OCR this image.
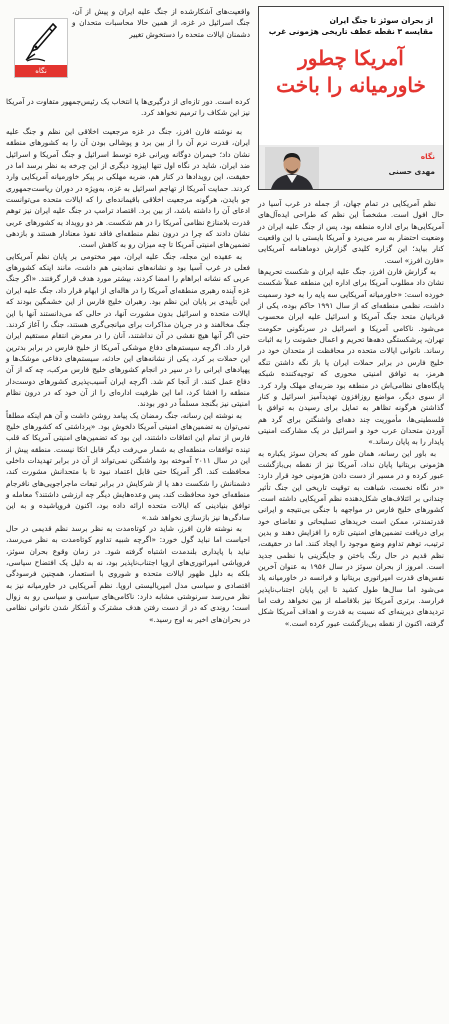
نگاه
واقعیت‌های آشکارشده از جنگ علیه ایران و پیش از آن، جنگ اسرائیل در غزه، از همین حالا محاسبات متحدان و دشمنان ایالات متحده را دستخوش تغییر
کرده است. دور تازه‌ای از درگیری‌ها یا انتخاب یک رئیس‌جمهور متفاوت در آمریکا نیز این شکاف را ترمیم نخواهد کرد.

به نوشته فارن افرز، جنگ در غزه مرجعیت اخلاقی این نظم و جنگ علیه ایران، قدرت نرم آن را از بین برد و پوشالی بودن آن را به کشورهای منطقه نشان داد؛ خیمران دوگانه ویرانی غزه توسط اسرائیل و جنگ آمریکا و اسرائیل ضد ایران، شاید در نگاه اول تنها اپیزود دیگری از این چرخه به نظر برسد اما در حقیقت، این رویدادها در کنار هم، ضربه مهلکی بر پیکر خاورمیانه آمریکایی وارد کردند. حمایت آمریکا از تهاجم اسرائیل به غزه، به‌ویژه در دوران ریاست‌جمهوری جو بایدن، هرگونه مرجعیت اخلاقی باقیمانده‌ای را که ایالات متحده می‌توانست ادعای آن را داشته باشد، از بین برد. اقتصاد ترامپ در جنگ علیه ایران نیز توهم قدرت بلامنازع نظامی آمریکا را در هم شکست. هر دو رویداد به کشورهای عربی نشان دادند که چرا در درون نظم منطقه‌ای فاقد نفوذ معنادار هستند و بازدهی تضمین‌های امنیتی آمریکا تا چه میزان رو به کاهش است.

به عقیده این مجله، جنگ علیه ایران، مهر مختومی بر پایان نظم آمریکایی فعلی در غرب آسیا بود و نشانه‌های نمادینی هم داشت، مانند اینکه کشورهای عربی که نشانه ابراهام را امضا کردند، بیشتر مورد هدف قرار گرفتند. «اگر جنگ غزه آینده رهبری منطقه‌ای آمریکا را در هاله‌ای از ابهام قرار داد، جنگ علیه ایران این تأییدی بر پایان این نظم بود. رهبران خلیج فارس از این خشمگین بودند که ایالات متحده و اسرائیل بدون مشورت آنها، در حالی که می‌دانستند آنها با این جنگ مخالفند و در جریان مذاکرات برای میانجی‌گری هستند، جنگ را آغاز کردند. حتی اگر آنها هیچ نقشی در آن نداشتند، آنان را در معرض انتقام مستقیم ایران قرار داد. اگرچه سیستم‌های دفاع موشکی آمریکا از خلیج فارس در برابر بدترین این حملات بر کرد، یکی از نشانه‌های این حادثه، سیستم‌های دفاعی موشک‌ها و پهپادهای ایرانی را در سپر در انجام کشورهای خلیج فارس مرکب، چه که از آن دفاع عمل کنند. از آنجا کم شد. اگرچه ایران آسیب‌پذیری کشورهای دوست‌دار منطقه را افشا کرد، اما این ظرفیت اداره‌ای را از آن خود که در درون نظام امنیتی نیز بگنجد مسلماً در دور بودند.

به نوشته این رسانه، جنگ رمضان یک پیامد روشن داشت و آن هم اینکه مطلقاً نمی‌توان به تضمین‌های امنیتی آمریکا دلخوش بود. «پرداشتی که کشورهای خلیج فارس از تمام این اتفاقات داشتند، این بود که تضمین‌های امنیتی آمریکا که قلب تپنده توافقات منطقه‌ای به شمار می‌رفت دیگر قابل اتکا نیست. منطقه پیش از این در سال ۲۰۱۱ آموخته بود واشنگتن نمی‌تواند از آن در برابر تهدیدات داخلی محافظت کند. اگر آمریکا حتی قابل اعتماد نبود تا با متحدانش مشورت کند، دشمنانش را شکست دهد یا از شرکایش در برابر تبعات ماجراجویی‌های نافرجام منطقه‌ای خود محافظت کند، پس وعده‌هایش دیگر چه ارزشی داشتند؟ معامله و توافق بنیادینی که ایالات متحده ارائه داده بود، اکنون فروپاشیده و به این سادگی‌ها نیز بازسازی نخواهد شد.»

به نوشته فارن افرز، شاید در کوتاه‌مدت به نظر برسد نظم قدیمی در حال احیاست اما نباید گول خورد: «اگرچه شبیه تداوم کوتاه‌مدت به نظر می‌رسد، نباید با پایداری بلندمدت اشتباه گرفته شود. در زمان وقوع بحران سوئز، فروپاشی امپراتوری‌های اروپا اجتناب‌ناپذیر بود، نه به دلیل یک افتضاح سیاسی، بلکه به دلیل ظهور ایالات متحده و شوروی با استعمار، همچنین فرسودگی اقتصادی و سیاسی مدل امپریالیستی اروپا. نظم آمریکایی در خاورمیانه نیز به نظر می‌رسد سرنوشتی مشابه دارد: ناکامی‌های سیاسی و سیاسی رو به زوال است؛ روندی که در از دست رفتن هدف مشترک و آشکار شدن ناتوانی نظامی در بحران‌های اخیر به اوج رسید.»

از بحران سوئز تا جنگ ایران
مقایسه ۳ نقطه عطف تاریخی هژمونی غرب
آمریکا چطور
خاورمیانه را باخت
نگاه
مهدی حسنی

نظم آمریکایی در تمام جهان، از جمله در غرب آسیا در حال افول است. مشخصاً این نظم که طراحی ایده‌آل‌های آمریکایی‌ها برای اداره منطقه بود، پس از جنگ علیه ایران در وضعیت احتضار به سر می‌برد و آمریکا بایستی با این واقعیت کنار بیاید؛ این گزاره کلیدی گزارش دوماهنامه آمریکایی «فارن افرز» است.

به گزارش فارن افرز، جنگ علیه ایران و شکست تحریم‌ها نشان داد مطلوب آمریکا برای اداره این منطقه عملاً شکست خورده است: «خاورمیانه آمریکایی سه پایه را به خود رسمیت داشت، نظمی منطقه‌ای که از سال ۱۹۹۱ حاکم بوده، یکی از قربانیان متحد جنگ آمریکا و اسرائیل علیه ایران محسوب می‌شود. ناکامی آمریکا و اسرائیل در سرنگونی حکومت تهران، پرشکستگی دهه‌ها تحریم و اعمال خشونت را به اثبات رساند. ناتوانی ایالات متحده در محافظت از متحدان خود در خلیج فارس در برابر حملات ایران یا باز نگه داشتن تنگه هرمز، به توافق امنیتی محوری که توجیه‌کننده شبکه پایگاه‌های نظامی‌اش در منطقه بود ضربه‌ای مهلک وارد کرد. از سوی دیگر، مواضع روزافزون تهدیدآمیز اسرائیل و کنار گذاشتن هرگونه تظاهر به تمایل برای رسیدن به توافق با فلسطینی‌ها، مأموریت چند دهه‌ای واشنگتن برای گرد هم آوردن متحدان عرب خود و اسرائیل در یک مشارکت امنیتی پایدار را به پایان رساند.»

به باور این رسانه، همان طور که بحران سوئز یکباره به هژمونی بریتانیا پایان نداد، آمریکا نیز از نقطه بی‌بازگشت عبور کرده و در مسیر از دست دادن هژمونی خود قرار دارد: «در نگاه نخست، شباهت به توقیت تاریخی این جنگ تأثیر چندانی بر ائتلاف‌های شکل‌دهنده نظم آمریکایی داشته است. کشورهای خلیج فارس در مواجهه با جنگی بی‌نتیجه و ایرانی قدرتمندتر، ممکن است خریدهای تسلیحاتی و تقاضای خود برای دریافت تضمین‌های امنیتی تازه را افزایش دهند و بدین ترتیب، توهم تداوم وضع موجود را ایجاد کنند. اما در حقیقت، نظم قدیم در حال رنگ باختن و جایگزینی با نظمی جدید است. امروز از بحران سوئز در سال ۱۹۵۶ به عنوان آخرین نفس‌های قدرت امپراتوری بریتانیا و فرانسه در خاورمیانه یاد می‌شود اما سال‌ها طول کشید تا این پایان اجتناب‌ناپذیر فرارسد. برتری آمریکا نیز بلافاصله از بین نخواهد رفت اما تردیدهای دیرینه‌ای که نسبت به قدرت و اهداف آمریکا شکل گرفته، اکنون از نقطه بی‌بازگشت عبور کرده است.»
